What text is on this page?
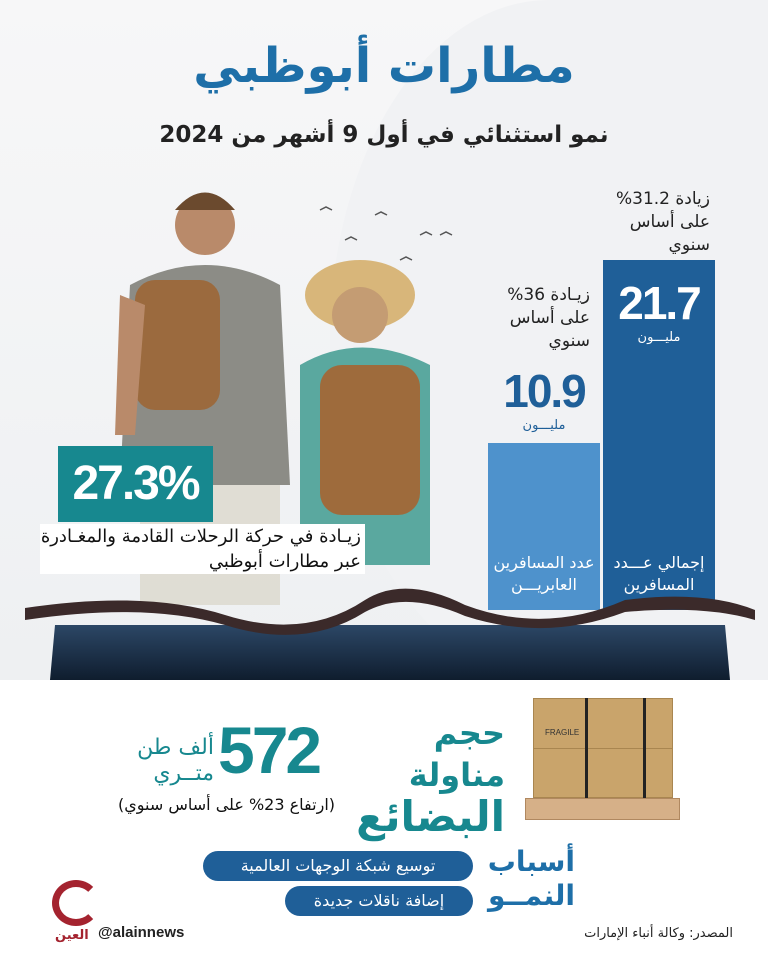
مطارات أبوظبي
نمو استثنائي في أول 9 أشهر من 2024
زيادة 31.2% على أساس سنوي
21.7
مليـــون
إجمالي عـــدد المسافرين
زيـادة 36% على أساس سنوي
10.9
مليـــون
عدد المسافرين العابريـــن
27.3%
زيـادة في حركة الرحلات القادمة والمغـادرة عبر مطارات أبوظبي
FRAGILE
حجم مناولة
البضائع
572
ألف طن متــري
(ارتفاع 23% على أساس سنوي)
أسباب النمــو
توسيع شبكة الوجهات العالمية
إضافة ناقلات جديدة
العين @alainnews	المصدر: وكالة أنباء الإمارات
